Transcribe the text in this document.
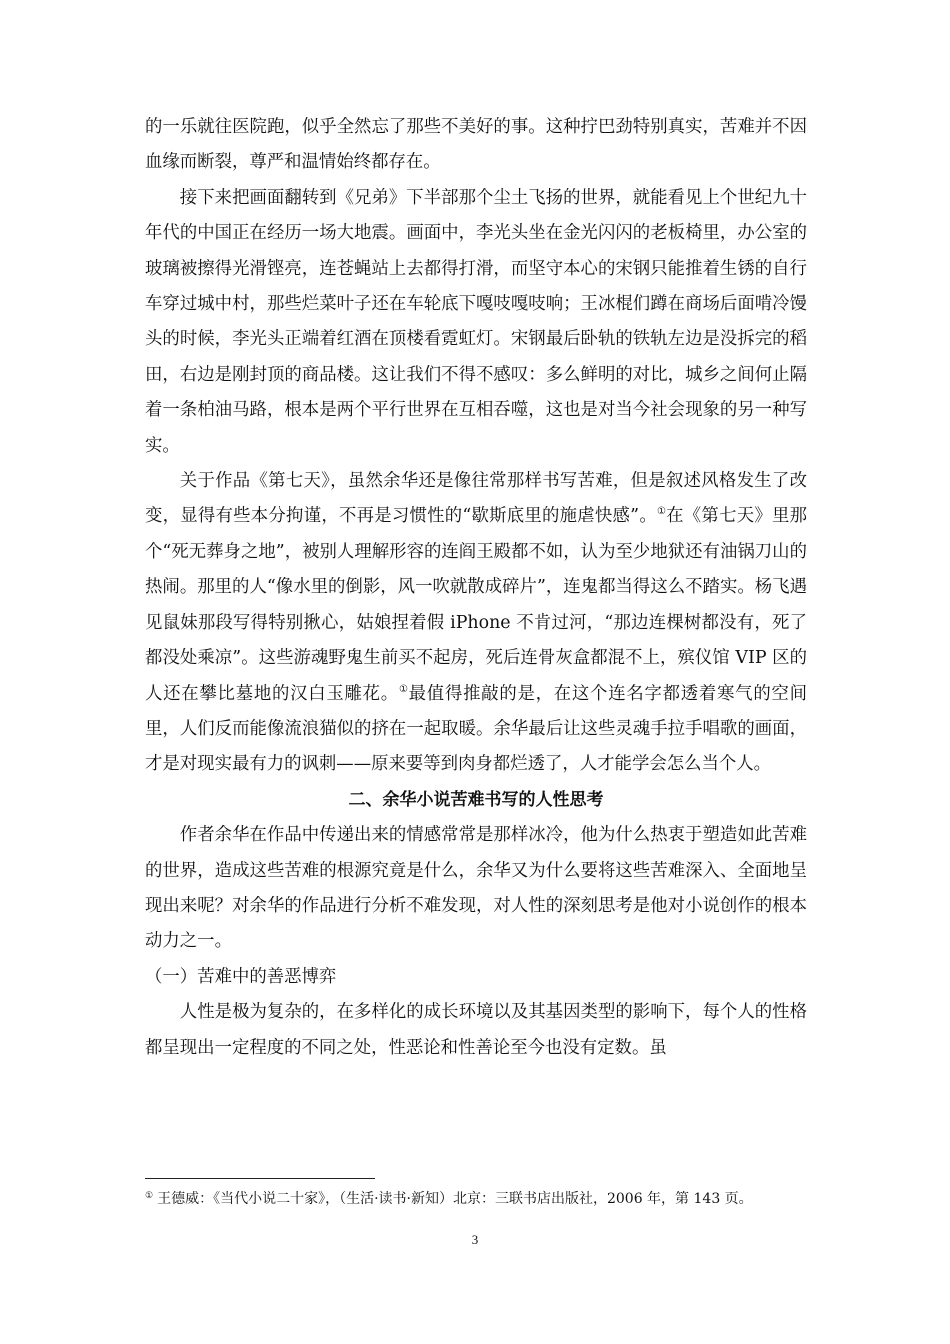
的一乐就往医院跑，似乎全然忘了那些不美好的事。这种拧巴劲特别真实，苦难并不因血缘而断裂，尊严和温情始终都存在。

接下来把画面翻转到《兄弟》下半部那个尘土飞扬的世界，就能看见上个世纪九十年代的中国正在经历一场大地震。画面中，李光头坐在金光闪闪的老板椅里，办公室的玻璃被擦得光滑铿亮，连苍蝇站上去都得打滑，而坚守本心的宋钢只能推着生锈的自行车穿过城中村，那些烂菜叶子还在车轮底下嘎吱嘎吱响；王冰棍们蹲在商场后面啃冷馒头的时候，李光头正端着红酒在顶楼看霓虹灯。宋钢最后卧轨的铁轨左边是没拆完的稻田，右边是刚封顶的商品楼。这让我们不得不感叹：多么鲜明的对比，城乡之间何止隔着一条柏油马路，根本是两个平行世界在互相吞噬，这也是对当今社会现象的另一种写实。

关于作品《第七天》，虽然余华还是像往常那样书写苦难，但是叙述风格发生了改变，显得有些本分拘谨，不再是习惯性的“歇斯底里的施虐快感”。①在《第七天》里那个“死无葬身之地”，被别人理解形容的连阎王殿都不如，认为至少地狱还有油锅刀山的热闹。那里的人“像水里的倒影，风一吹就散成碎片”，连鬼都当得这么不踏实。杨飞遇见鼠妹那段写得特别揪心，姑娘捏着假 iPhone 不肯过河，“那边连棵树都没有，死了都没处乘凉”。这些游魂野鬼生前买不起房，死后连骨灰盒都混不上，殡仪馆 VIP 区的人还在攀比墓地的汉白玉雕花。①最值得推敲的是，在这个连名字都透着寒气的空间里，人们反而能像流浪猫似的挤在一起取暖。余华最后让这些灵魂手拉手唱歌的画面，才是对现实最有力的讽刺——原来要等到肉身都烂透了，人才能学会怎么当个人。

二、余华小说苦难书写的人性思考

作者余华在作品中传递出来的情感常常是那样冰冷，他为什么热衷于塑造如此苦难的世界，造成这些苦难的根源究竟是什么，余华又为什么要将这些苦难深入、全面地呈现出来呢？对余华的作品进行分析不难发现，对人性的深刻思考是他对小说创作的根本动力之一。

（一）苦难中的善恶博弈

人性是极为复杂的，在多样化的成长环境以及其基因类型的影响下，每个人的性格都呈现出一定程度的不同之处，性恶论和性善论至今也没有定数。虽

① 王德威：《当代小说二十家》，（生活·读书·新知）北京：三联书店出版社，2006 年，第 143 页。
3
